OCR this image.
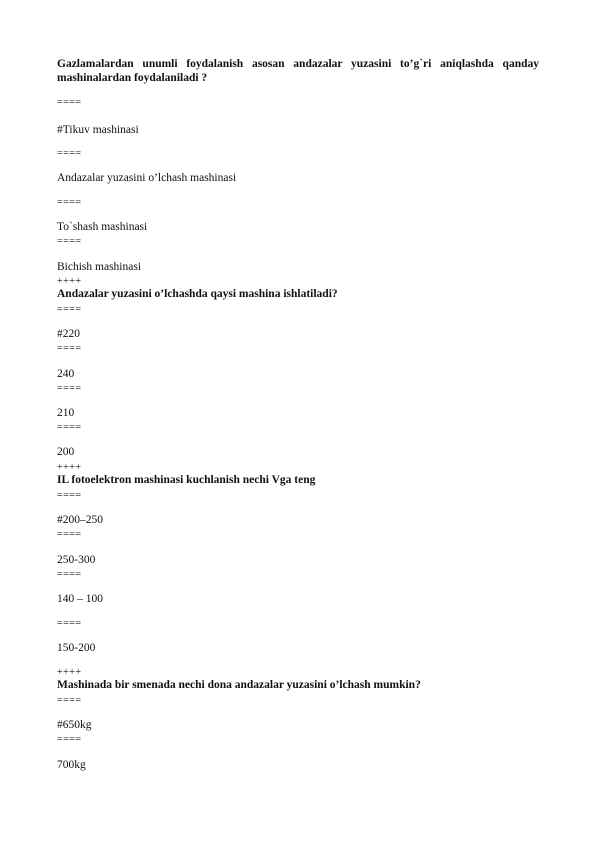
Gazlamalardan unumli foydalanish asosan andazalar yuzasini to’g`ri aniqlashda qanday mashinalardan foydalaniladi ?
====
#Tikuv mashinasi
====
Andazalar yuzasini o’lchash mashinasi
====
To`shash mashinasi
====
Bichish mashinasi
++++
Andazalar yuzasini o’lchashda qaysi mashina ishlatiladi?
====
#220
====
240
====
210
====
200
++++
IL fotoelektron mashinasi kuchlanish nechi Vga teng
====
#200–250
====
250-300
====
140 – 100
====
150-200
++++
Mashinada bir smenada nechi dona andazalar yuzasini o’lchash mumkin?
====
#650kg
====
700kg
